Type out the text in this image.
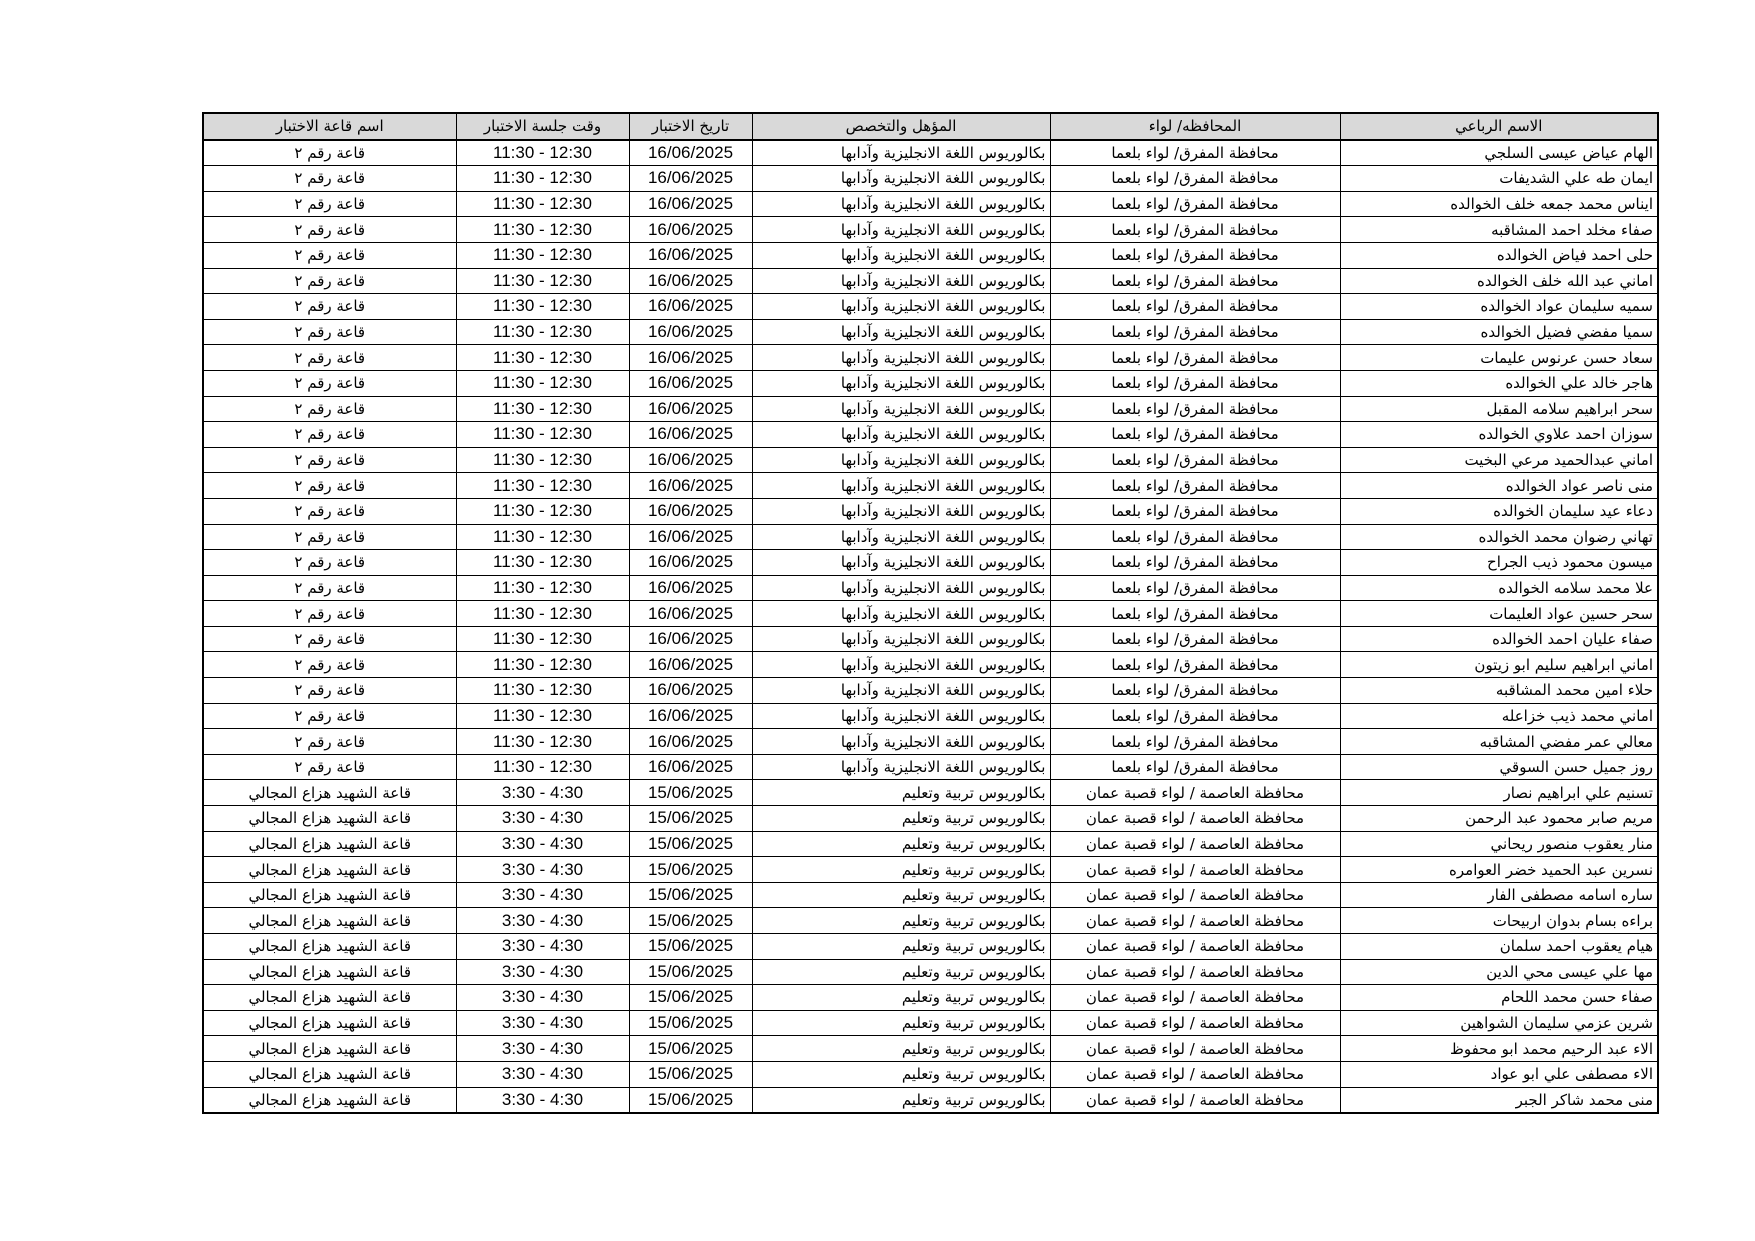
الاسم الرباعي	المحافظه/ لواء	المؤهل والتخصص	تاريخ الاختبار	وقت جلسة الاختبار	اسم قاعة الاختبار
الهام عياض عيسى السلجي	محافظة المفرق/ لواء بلعما	بكالوريوس اللغة الانجليزية وآدابها	16/06/2025	11:30 - 12:30	قاعة رقم ٢
ايمان طه علي الشديفات	محافظة المفرق/ لواء بلعما	بكالوريوس اللغة الانجليزية وآدابها	16/06/2025	11:30 - 12:30	قاعة رقم ٢
ايناس محمد جمعه خلف الخوالده	محافظة المفرق/ لواء بلعما	بكالوريوس اللغة الانجليزية وآدابها	16/06/2025	11:30 - 12:30	قاعة رقم ٢
صفاء مخلد احمد المشاقبه	محافظة المفرق/ لواء بلعما	بكالوريوس اللغة الانجليزية وآدابها	16/06/2025	11:30 - 12:30	قاعة رقم ٢
حلى احمد فياض الخوالده	محافظة المفرق/ لواء بلعما	بكالوريوس اللغة الانجليزية وآدابها	16/06/2025	11:30 - 12:30	قاعة رقم ٢
اماني عبد الله خلف الخوالده	محافظة المفرق/ لواء بلعما	بكالوريوس اللغة الانجليزية وآدابها	16/06/2025	11:30 - 12:30	قاعة رقم ٢
سميه سليمان عواد الخوالده	محافظة المفرق/ لواء بلعما	بكالوريوس اللغة الانجليزية وآدابها	16/06/2025	11:30 - 12:30	قاعة رقم ٢
سميا مفضي فضيل الخوالده	محافظة المفرق/ لواء بلعما	بكالوريوس اللغة الانجليزية وآدابها	16/06/2025	11:30 - 12:30	قاعة رقم ٢
سعاد حسن عرنوس عليمات	محافظة المفرق/ لواء بلعما	بكالوريوس اللغة الانجليزية وآدابها	16/06/2025	11:30 - 12:30	قاعة رقم ٢
هاجر خالد علي الخوالده	محافظة المفرق/ لواء بلعما	بكالوريوس اللغة الانجليزية وآدابها	16/06/2025	11:30 - 12:30	قاعة رقم ٢
سحر ابراهيم سلامه المقبل	محافظة المفرق/ لواء بلعما	بكالوريوس اللغة الانجليزية وآدابها	16/06/2025	11:30 - 12:30	قاعة رقم ٢
سوزان احمد علاوي الخوالده	محافظة المفرق/ لواء بلعما	بكالوريوس اللغة الانجليزية وآدابها	16/06/2025	11:30 - 12:30	قاعة رقم ٢
اماني عبدالحميد مرعي البخيت	محافظة المفرق/ لواء بلعما	بكالوريوس اللغة الانجليزية وآدابها	16/06/2025	11:30 - 12:30	قاعة رقم ٢
منى ناصر عواد الخوالده	محافظة المفرق/ لواء بلعما	بكالوريوس اللغة الانجليزية وآدابها	16/06/2025	11:30 - 12:30	قاعة رقم ٢
دعاء عيد سليمان الخوالده	محافظة المفرق/ لواء بلعما	بكالوريوس اللغة الانجليزية وآدابها	16/06/2025	11:30 - 12:30	قاعة رقم ٢
تهاني رضوان محمد الخوالده	محافظة المفرق/ لواء بلعما	بكالوريوس اللغة الانجليزية وآدابها	16/06/2025	11:30 - 12:30	قاعة رقم ٢
ميسون محمود ذيب الجراح	محافظة المفرق/ لواء بلعما	بكالوريوس اللغة الانجليزية وآدابها	16/06/2025	11:30 - 12:30	قاعة رقم ٢
علا محمد سلامه الخوالده	محافظة المفرق/ لواء بلعما	بكالوريوس اللغة الانجليزية وآدابها	16/06/2025	11:30 - 12:30	قاعة رقم ٢
سحر حسين عواد العليمات	محافظة المفرق/ لواء بلعما	بكالوريوس اللغة الانجليزية وآدابها	16/06/2025	11:30 - 12:30	قاعة رقم ٢
صفاء عليان احمد الخوالده	محافظة المفرق/ لواء بلعما	بكالوريوس اللغة الانجليزية وآدابها	16/06/2025	11:30 - 12:30	قاعة رقم ٢
اماني ابراهيم سليم ابو زيتون	محافظة المفرق/ لواء بلعما	بكالوريوس اللغة الانجليزية وآدابها	16/06/2025	11:30 - 12:30	قاعة رقم ٢
حلاء امين محمد المشاقبه	محافظة المفرق/ لواء بلعما	بكالوريوس اللغة الانجليزية وآدابها	16/06/2025	11:30 - 12:30	قاعة رقم ٢
اماني محمد ذيب خزاعله	محافظة المفرق/ لواء بلعما	بكالوريوس اللغة الانجليزية وآدابها	16/06/2025	11:30 - 12:30	قاعة رقم ٢
معالي عمر مفضي المشاقبه	محافظة المفرق/ لواء بلعما	بكالوريوس اللغة الانجليزية وآدابها	16/06/2025	11:30 - 12:30	قاعة رقم ٢
روز جميل حسن السوقي	محافظة المفرق/ لواء بلعما	بكالوريوس اللغة الانجليزية وآدابها	16/06/2025	11:30 - 12:30	قاعة رقم ٢
تسنيم علي ابراهيم نصار	محافظة العاصمة / لواء قصبة عمان	بكالوريوس تربية وتعليم	15/06/2025	3:30 - 4:30	قاعة الشهيد هزاع المجالي
مريم صابر محمود عبد الرحمن	محافظة العاصمة / لواء قصبة عمان	بكالوريوس تربية وتعليم	15/06/2025	3:30 - 4:30	قاعة الشهيد هزاع المجالي
منار يعقوب منصور ريحاني	محافظة العاصمة / لواء قصبة عمان	بكالوريوس تربية وتعليم	15/06/2025	3:30 - 4:30	قاعة الشهيد هزاع المجالي
نسرين عبد الحميد خضر العوامره	محافظة العاصمة / لواء قصبة عمان	بكالوريوس تربية وتعليم	15/06/2025	3:30 - 4:30	قاعة الشهيد هزاع المجالي
ساره اسامه مصطفى الفار	محافظة العاصمة / لواء قصبة عمان	بكالوريوس تربية وتعليم	15/06/2025	3:30 - 4:30	قاعة الشهيد هزاع المجالي
براءه بسام بدوان اربيحات	محافظة العاصمة / لواء قصبة عمان	بكالوريوس تربية وتعليم	15/06/2025	3:30 - 4:30	قاعة الشهيد هزاع المجالي
هيام يعقوب احمد سلمان	محافظة العاصمة / لواء قصبة عمان	بكالوريوس تربية وتعليم	15/06/2025	3:30 - 4:30	قاعة الشهيد هزاع المجالي
مها علي عيسى محي الدين	محافظة العاصمة / لواء قصبة عمان	بكالوريوس تربية وتعليم	15/06/2025	3:30 - 4:30	قاعة الشهيد هزاع المجالي
صفاء حسن محمد اللحام	محافظة العاصمة / لواء قصبة عمان	بكالوريوس تربية وتعليم	15/06/2025	3:30 - 4:30	قاعة الشهيد هزاع المجالي
شرين عزمي سليمان الشواهين	محافظة العاصمة / لواء قصبة عمان	بكالوريوس تربية وتعليم	15/06/2025	3:30 - 4:30	قاعة الشهيد هزاع المجالي
الاء عبد الرحيم محمد ابو محفوظ	محافظة العاصمة / لواء قصبة عمان	بكالوريوس تربية وتعليم	15/06/2025	3:30 - 4:30	قاعة الشهيد هزاع المجالي
الاء مصطفى علي ابو عواد	محافظة العاصمة / لواء قصبة عمان	بكالوريوس تربية وتعليم	15/06/2025	3:30 - 4:30	قاعة الشهيد هزاع المجالي
منى محمد شاكر الجبر	محافظة العاصمة / لواء قصبة عمان	بكالوريوس تربية وتعليم	15/06/2025	3:30 - 4:30	قاعة الشهيد هزاع المجالي
